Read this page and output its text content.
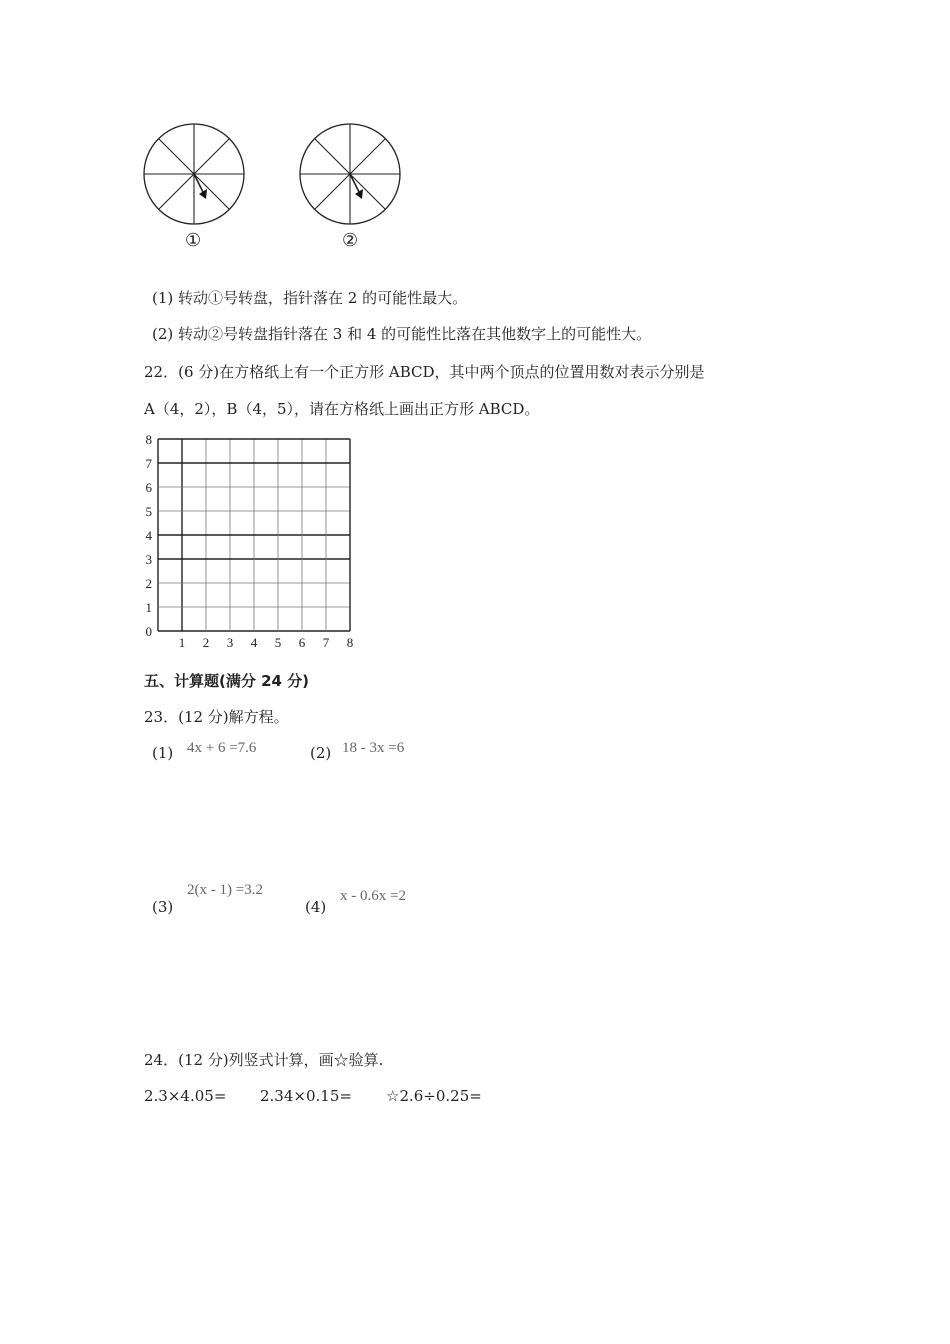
①	②
(1) 转动①号转盘，指针落在 2 的可能性最大。
(2) 转动②号转盘指针落在 3 和 4 的可能性比落在其他数字上的可能性大。
22．(6 分)在方格纸上有一个正方形 ABCD，其中两个顶点的位置用数对表示分别是
A（4，2），B（4，5），请在方格纸上画出正方形 ABCD。
1 2 3 4 5 6 7 8
0
1
2
3
4
5
6
7
8
五、计算题(满分 24 分)
23．(12 分)解方程。
(1) 4x + 6 =7.6	(2) 18 - 3x =6
(3)
2(x - 1) =3.2
(4)
x - 0.6x =2
24．(12 分)列竖式计算，画☆验算.
2.3×4.05= 2.34×0.15= ☆2.6÷0.25=
